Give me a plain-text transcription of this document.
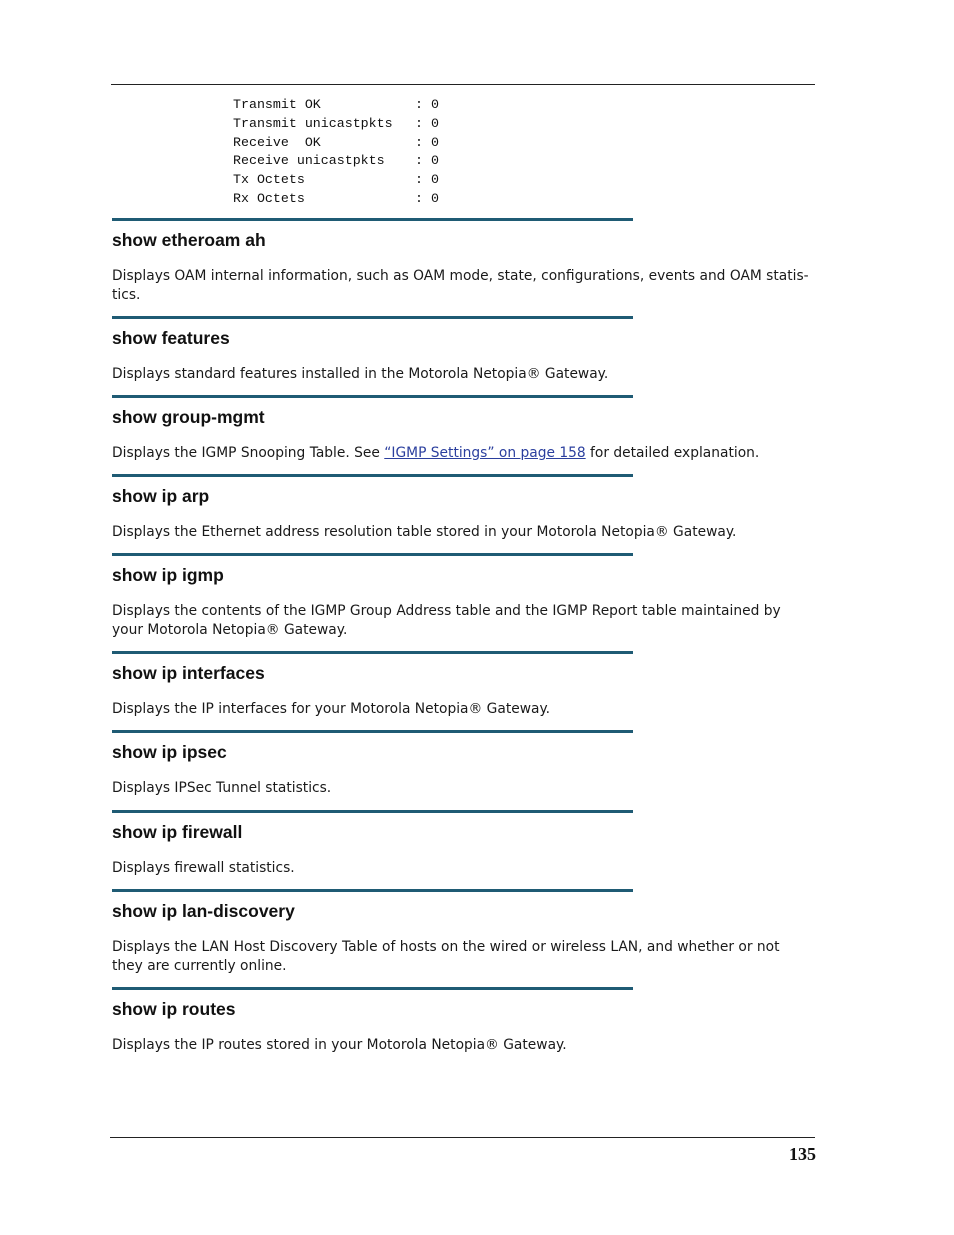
Transmit OK	: 0
Transmit unicastpkts : 0
Receive  OK	: 0
Receive unicastpkts : 0
Tx Octets	: 0
Rx Octets	: 0
show etheroam ah

Displays OAM internal information, such as OAM mode, state, configurations, events and OAM statis-tics.

show features

Displays standard features installed in the Motorola Netopia® Gateway.

show group-mgmt

Displays the IGMP Snooping Table. See “IGMP Settings” on page 158 for detailed explanation.

show ip arp

Displays the Ethernet address resolution table stored in your Motorola Netopia® Gateway.

show ip igmp

Displays the contents of the IGMP Group Address table and the IGMP Report table maintained by your Motorola Netopia® Gateway.

show ip interfaces

Displays the IP interfaces for your Motorola Netopia® Gateway.

show ip ipsec

Displays IPSec Tunnel statistics.

show ip firewall

Displays firewall statistics.

show ip lan-discovery

Displays the LAN Host Discovery Table of hosts on the wired or wireless LAN, and whether or not they are currently online.

show ip routes

Displays the IP routes stored in your Motorola Netopia® Gateway.

135
